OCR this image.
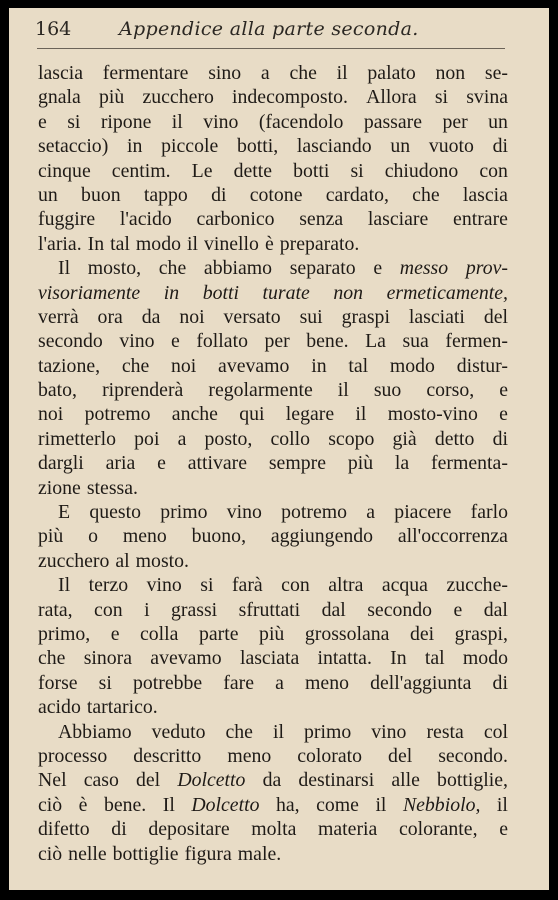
164	Appendice alla parte seconda.
lascia fermentare sino a che il palato non se-
gnala più zucchero indecomposto. Allora si svina
e si ripone il vino (facendolo passare per un
setaccio) in piccole botti, lasciando un vuoto di
cinque centim. Le dette botti si chiudono con
un buon tappo di cotone cardato, che lascia
fuggire l'acido carbonico senza lasciare entrare
l'aria. In tal modo il vinello è preparato.
Il mosto, che abbiamo separato e messo prov-
visoriamente in botti turate non ermeticamente,
verrà ora da noi versato sui graspi lasciati del
secondo vino e follato per bene. La sua fermen-
tazione, che noi avevamo in tal modo distur-
bato, riprenderà regolarmente il suo corso, e
noi potremo anche qui legare il mosto-vino e
rimetterlo poi a posto, collo scopo già detto di
dargli aria e attivare sempre più la fermenta-
zione stessa.
E questo primo vino potremo a piacere farlo
più o meno buono, aggiungendo all'occorrenza
zucchero al mosto.
Il terzo vino si farà con altra acqua zucche-
rata, con i grassi sfruttati dal secondo e dal
primo, e colla parte più grossolana dei graspi,
che sinora avevamo lasciata intatta. In tal modo
forse si potrebbe fare a meno dell'aggiunta di
acido tartarico.
Abbiamo veduto che il primo vino resta col
processo descritto meno colorato del secondo.
Nel caso del Dolcetto da destinarsi alle bottiglie,
ciò è bene. Il Dolcetto ha, come il Nebbiolo, il
difetto di depositare molta materia colorante, e
ciò nelle bottiglie figura male.
